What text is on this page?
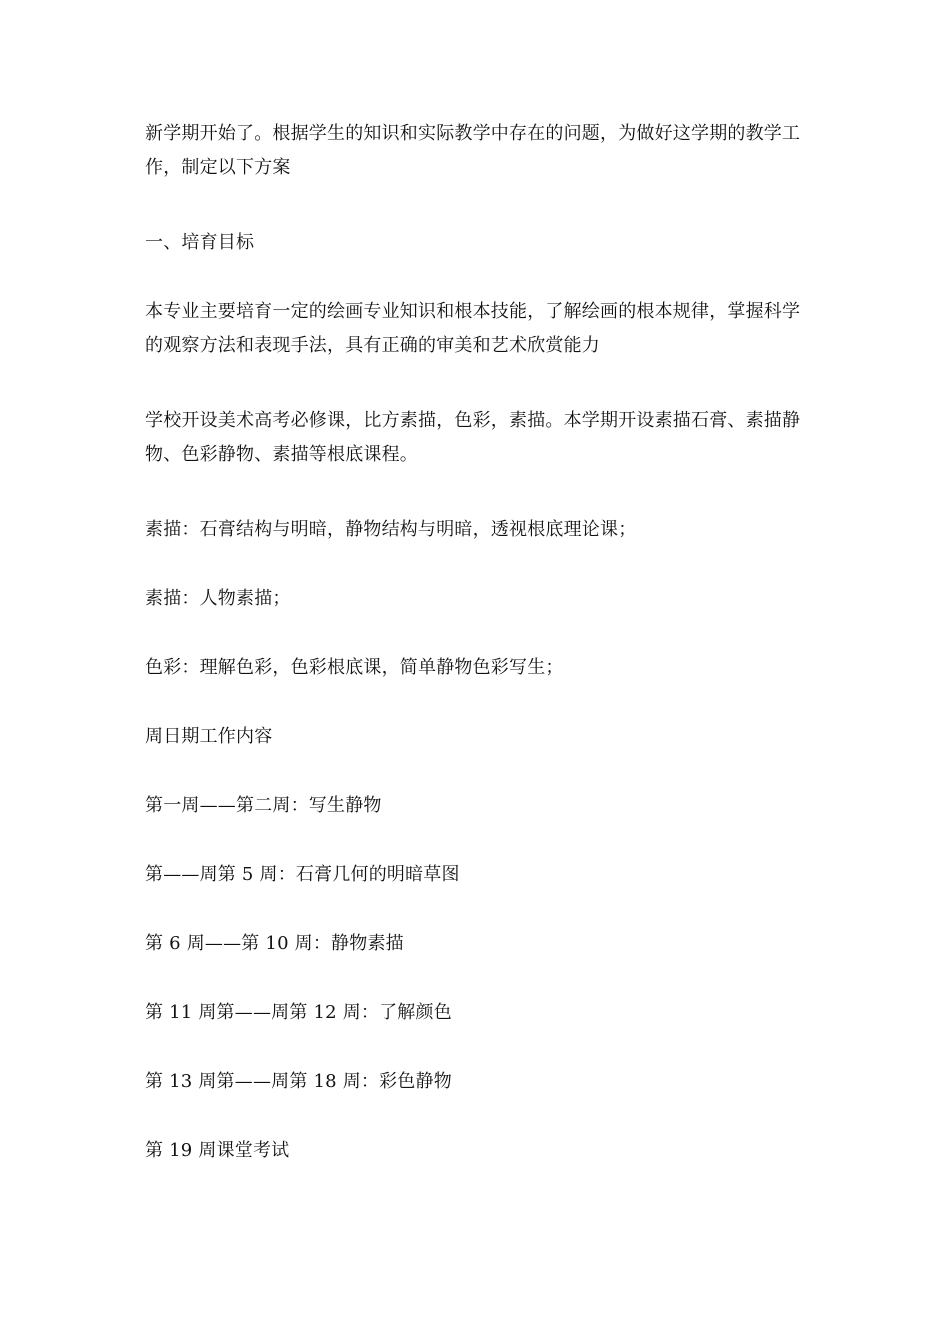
新学期开始了。根据学生的知识和实际教学中存在的问题，为做好这学期的教学工作，制定以下方案

一、培育目标

本专业主要培育一定的绘画专业知识和根本技能，了解绘画的根本规律，掌握科学的观察方法和表现手法，具有正确的审美和艺术欣赏能力

学校开设美术高考必修课，比方素描，色彩，素描。本学期开设素描石膏、素描静物、色彩静物、素描等根底课程。

素描：石膏结构与明暗，静物结构与明暗，透视根底理论课；

素描：人物素描；

色彩：理解色彩，色彩根底课，简单静物色彩写生；

周日期工作内容

第一周——第二周：写生静物

第——周第 5 周：石膏几何的明暗草图

第 6 周——第 10 周：静物素描

第 11 周第——周第 12 周：了解颜色

第 13 周第——周第 18 周：彩色静物

第 19 周课堂考试
